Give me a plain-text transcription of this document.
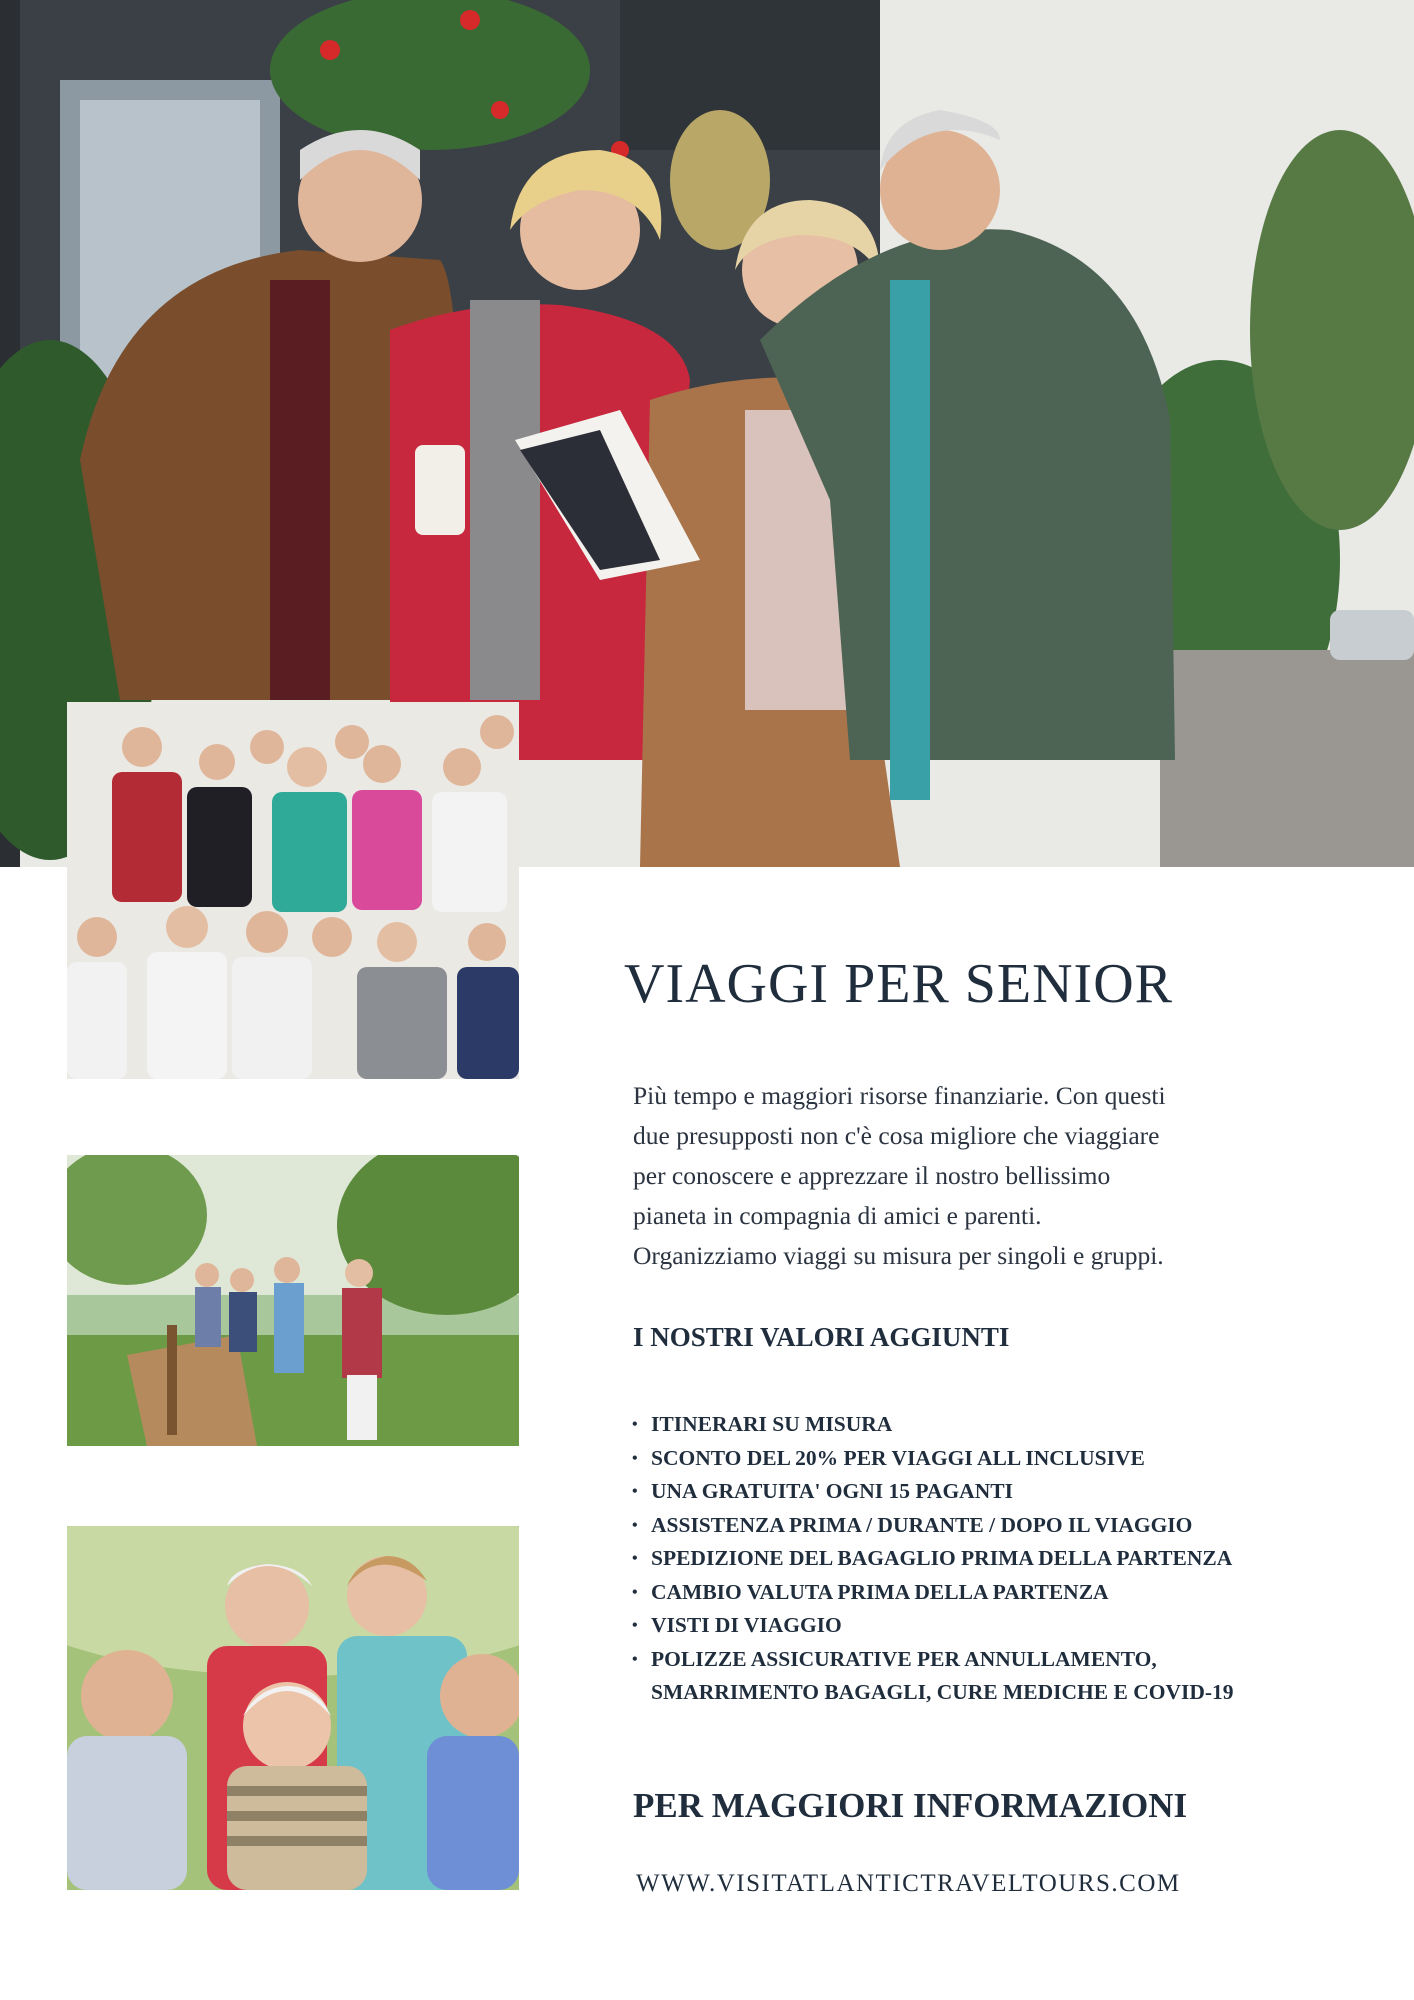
VIAGGI PER SENIOR

Più tempo e maggiori risorse finanziarie. Con questi
due presupposti non c'è cosa migliore che viaggiare
per conoscere e apprezzare il nostro bellissimo
pianeta in compagnia di amici e parenti.
Organizziamo viaggi su misura per singoli e gruppi.

I NOSTRI VALORI AGGIUNTI
• ITINERARI SU MISURA
• SCONTO DEL 20% PER VIAGGI ALL INCLUSIVE
• UNA GRATUITA' OGNI 15 PAGANTI
• ASSISTENZA PRIMA / DURANTE / DOPO IL VIAGGIO
• SPEDIZIONE DEL BAGAGLIO PRIMA DELLA PARTENZA
• CAMBIO VALUTA PRIMA DELLA PARTENZA
• VISTI DI VIAGGIO
• POLIZZE ASSICURATIVE PER ANNULLAMENTO, SMARRIMENTO BAGAGLI, CURE MEDICHE E COVID-19
PER MAGGIORI INFORMAZIONI
WWW.VISITATLANTICTRAVELTOURS.COM
